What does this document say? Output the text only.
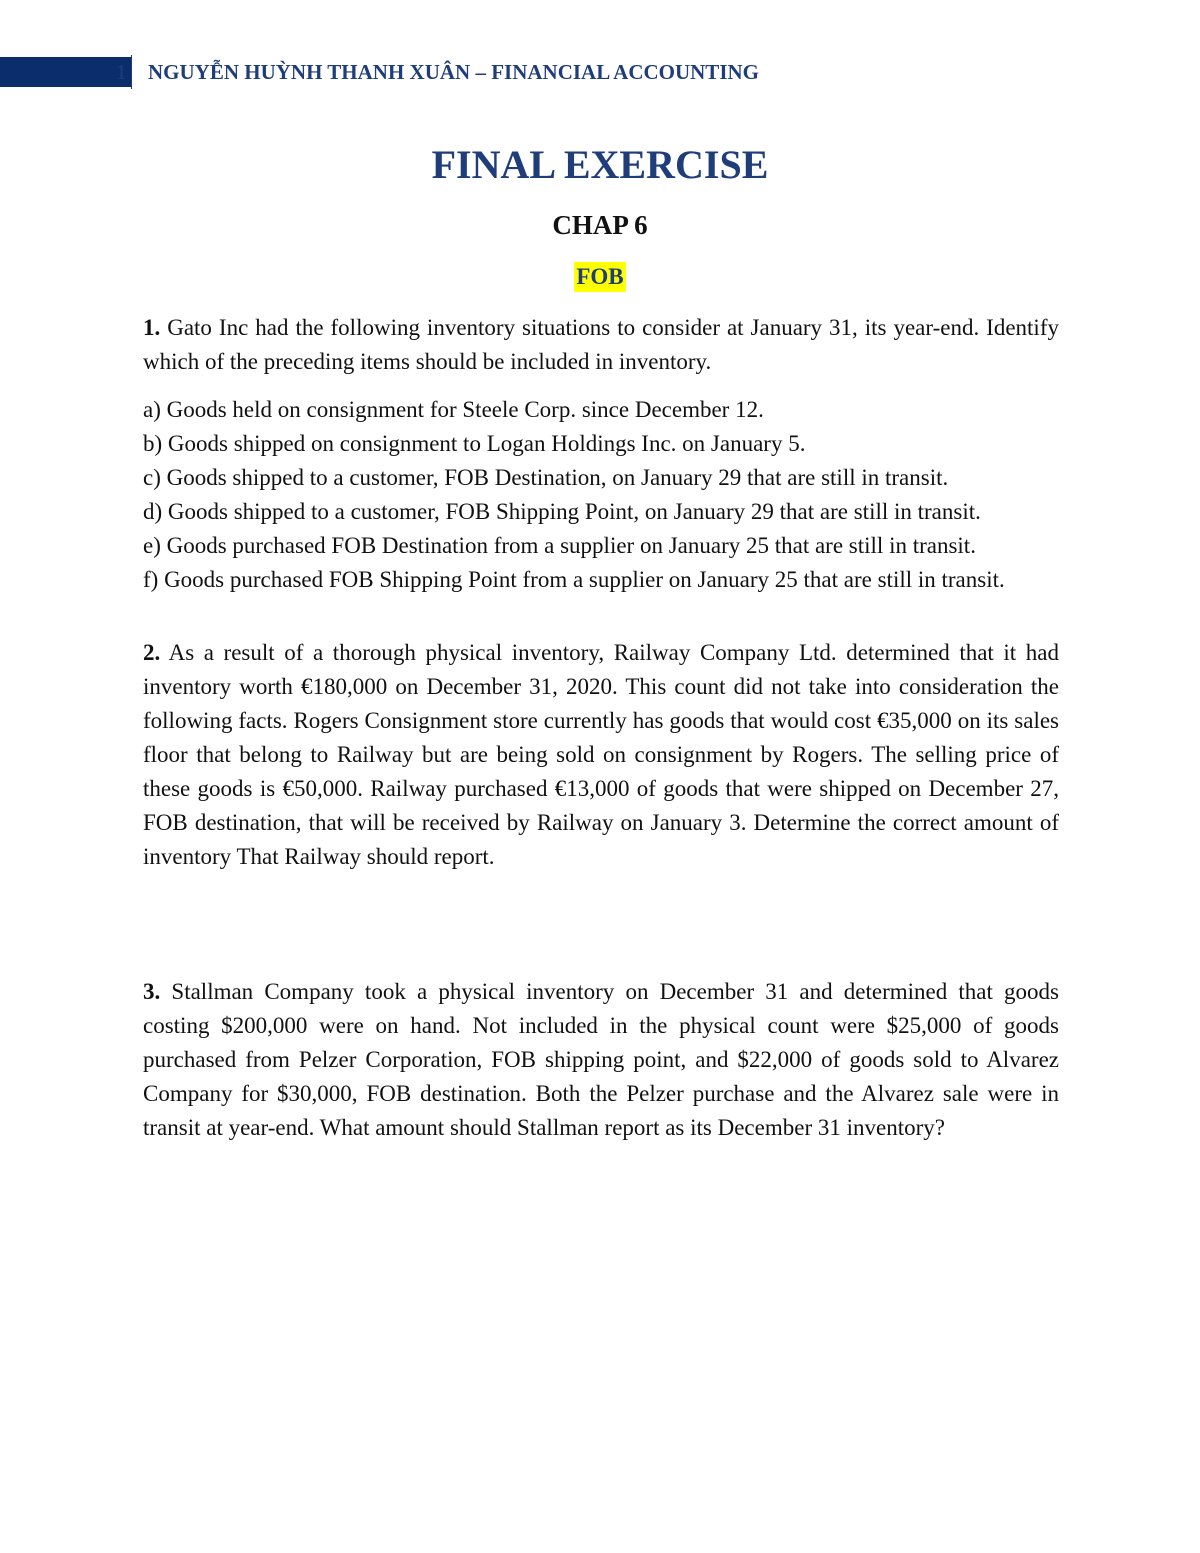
1 NGUYỄN HUỲNH THANH XUÂN – FINANCIAL ACCOUNTING
FINAL EXERCISE
CHAP 6
FOB

1. Gato Inc had the following inventory situations to consider at January 31, its year-end. Identify which of the preceding items should be included in inventory.

a) Goods held on consignment for Steele Corp. since December 12.

b) Goods shipped on consignment to Logan Holdings Inc. on January 5.

c) Goods shipped to a customer, FOB Destination, on January 29 that are still in transit.

d) Goods shipped to a customer, FOB Shipping Point, on January 29 that are still in transit.

e) Goods purchased FOB Destination from a supplier on January 25 that are still in transit.

f) Goods purchased FOB Shipping Point from a supplier on January 25 that are still in transit.

2. As a result of a thorough physical inventory, Railway Company Ltd. determined that it had inventory worth €180,000 on December 31, 2020. This count did not take into consideration the following facts. Rogers Consignment store currently has goods that would cost €35,000 on its sales floor that belong to Railway but are being sold on consignment by Rogers. The selling price of these goods is €50,000. Railway purchased €13,000 of goods that were shipped on December 27, FOB destination, that will be received by Railway on January 3. Determine the correct amount of inventory That Railway should report.

3. Stallman Company took a physical inventory on December 31 and determined that goods costing $200,000 were on hand. Not included in the physical count were $25,000 of goods purchased from Pelzer Corporation, FOB shipping point, and $22,000 of goods sold to Alvarez Company for $30,000, FOB destination. Both the Pelzer purchase and the Alvarez sale were in transit at year-end. What amount should Stallman report as its December 31 inventory?
